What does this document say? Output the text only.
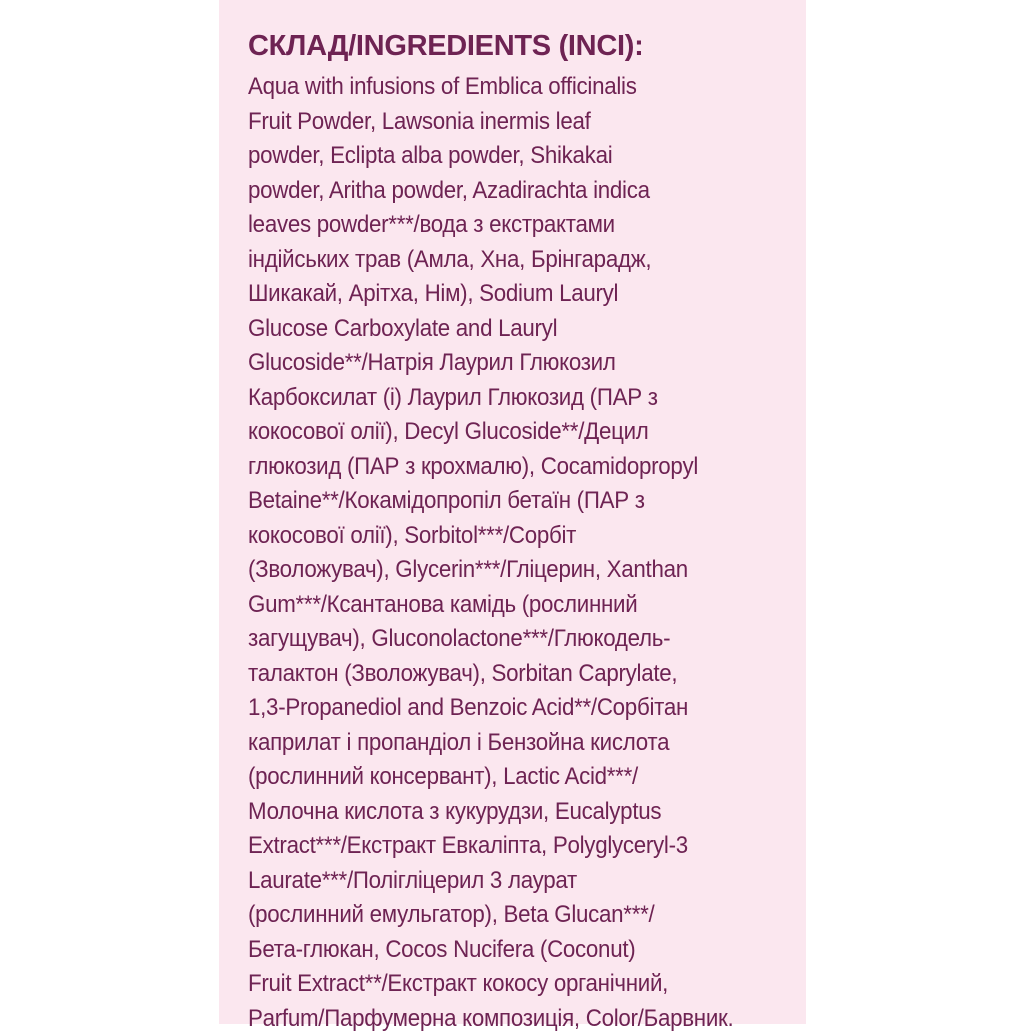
СКЛАД/INGREDIENTS (INCI):
Aqua with infusions of Emblica officinalis
Fruit Powder, Lawsonia inermis leaf
powder, Eclipta alba powder, Shikakai
powder, Aritha powder, Azadirachta indica
leaves powder***/вода з екстрактами
індійських трав (Амла, Хна, Брінгарадж,
Шикакай, Арітха, Нім), Sodium Lauryl
Glucose Carboxylate and Lauryl
Glucoside**/Натрія Лаурил Глюкозил
Карбоксилат (і) Лаурил Глюкозид (ПАР з
кокосової олії), Decyl Glucoside**/Децил
глюкозид (ПАР з крохмалю), Cocamidopropyl
Betaine**/Кокамідопропіл бетаїн (ПАР з
кокосової олії), Sorbitol***/Сорбіт
(Зволожувач), Glycerin***/Гліцерин, Xanthan
Gum***/Ксантанова камідь (рослинний
загущувач), Gluconolactone***/Глюкодель-
талактон (Зволожувач), Sorbitan Caprylate,
1,3-Propanediol and Benzoic Acid**/Сорбітан
каприлат і пропандіол і Бензойна кислота
(рослинний консервант), Lactic Acid***/
Молочна кислота з кукурудзи, Eucalyptus
Extract***/Екстракт Евкаліпта, Polyglyceryl-3
Laurate***/Полігліцерил 3 лаурат
(рослинний емульгатор), Beta Glucan***/
Бета-глюкан, Cocos Nucifera (Coconut)
Fruit Extract**/Екстракт кокосу органічний,
Parfum/Парфумерна композиція, Color/Барвник.
